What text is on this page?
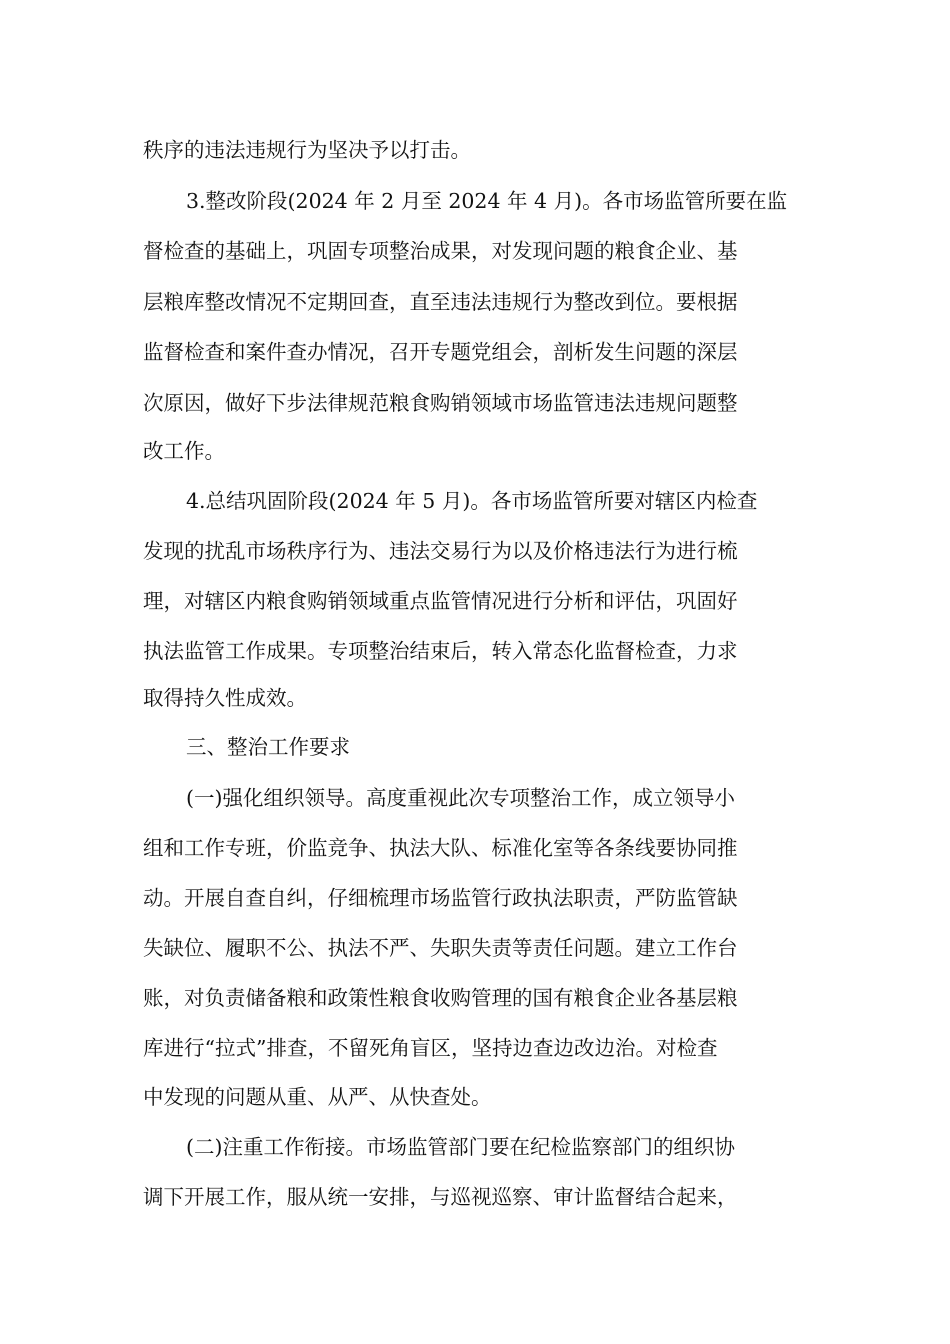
秩序的违法违规行为坚决予以打击。
3.整改阶段(2024 年 2 月至 2024 年 4 月)。各市场监管所要在监
督检查的基础上，巩固专项整治成果，对发现问题的粮食企业、基
层粮库整改情况不定期回查，直至违法违规行为整改到位。要根据
监督检查和案件查办情况，召开专题党组会，剖析发生问题的深层
次原因，做好下步法律规范粮食购销领域市场监管违法违规问题整
改工作。
4.总结巩固阶段(2024 年 5 月)。各市场监管所要对辖区内检查
发现的扰乱市场秩序行为、违法交易行为以及价格违法行为进行梳
理，对辖区内粮食购销领域重点监管情况进行分析和评估，巩固好
执法监管工作成果。专项整治结束后，转入常态化监督检查，力求
取得持久性成效。
三、整治工作要求
(一)强化组织领导。高度重视此次专项整治工作，成立领导小
组和工作专班，价监竞争、执法大队、标准化室等各条线要协同推
动。开展自查自纠，仔细梳理市场监管行政执法职责，严防监管缺
失缺位、履职不公、执法不严、失职失责等责任问题。建立工作台
账，对负责储备粮和政策性粮食收购管理的国有粮食企业各基层粮
库进行“拉式”排查，不留死角盲区，坚持边查边改边治。对检查
中发现的问题从重、从严、从快查处。
(二)注重工作衔接。市场监管部门要在纪检监察部门的组织协
调下开展工作，服从统一安排，与巡视巡察、审计监督结合起来，
